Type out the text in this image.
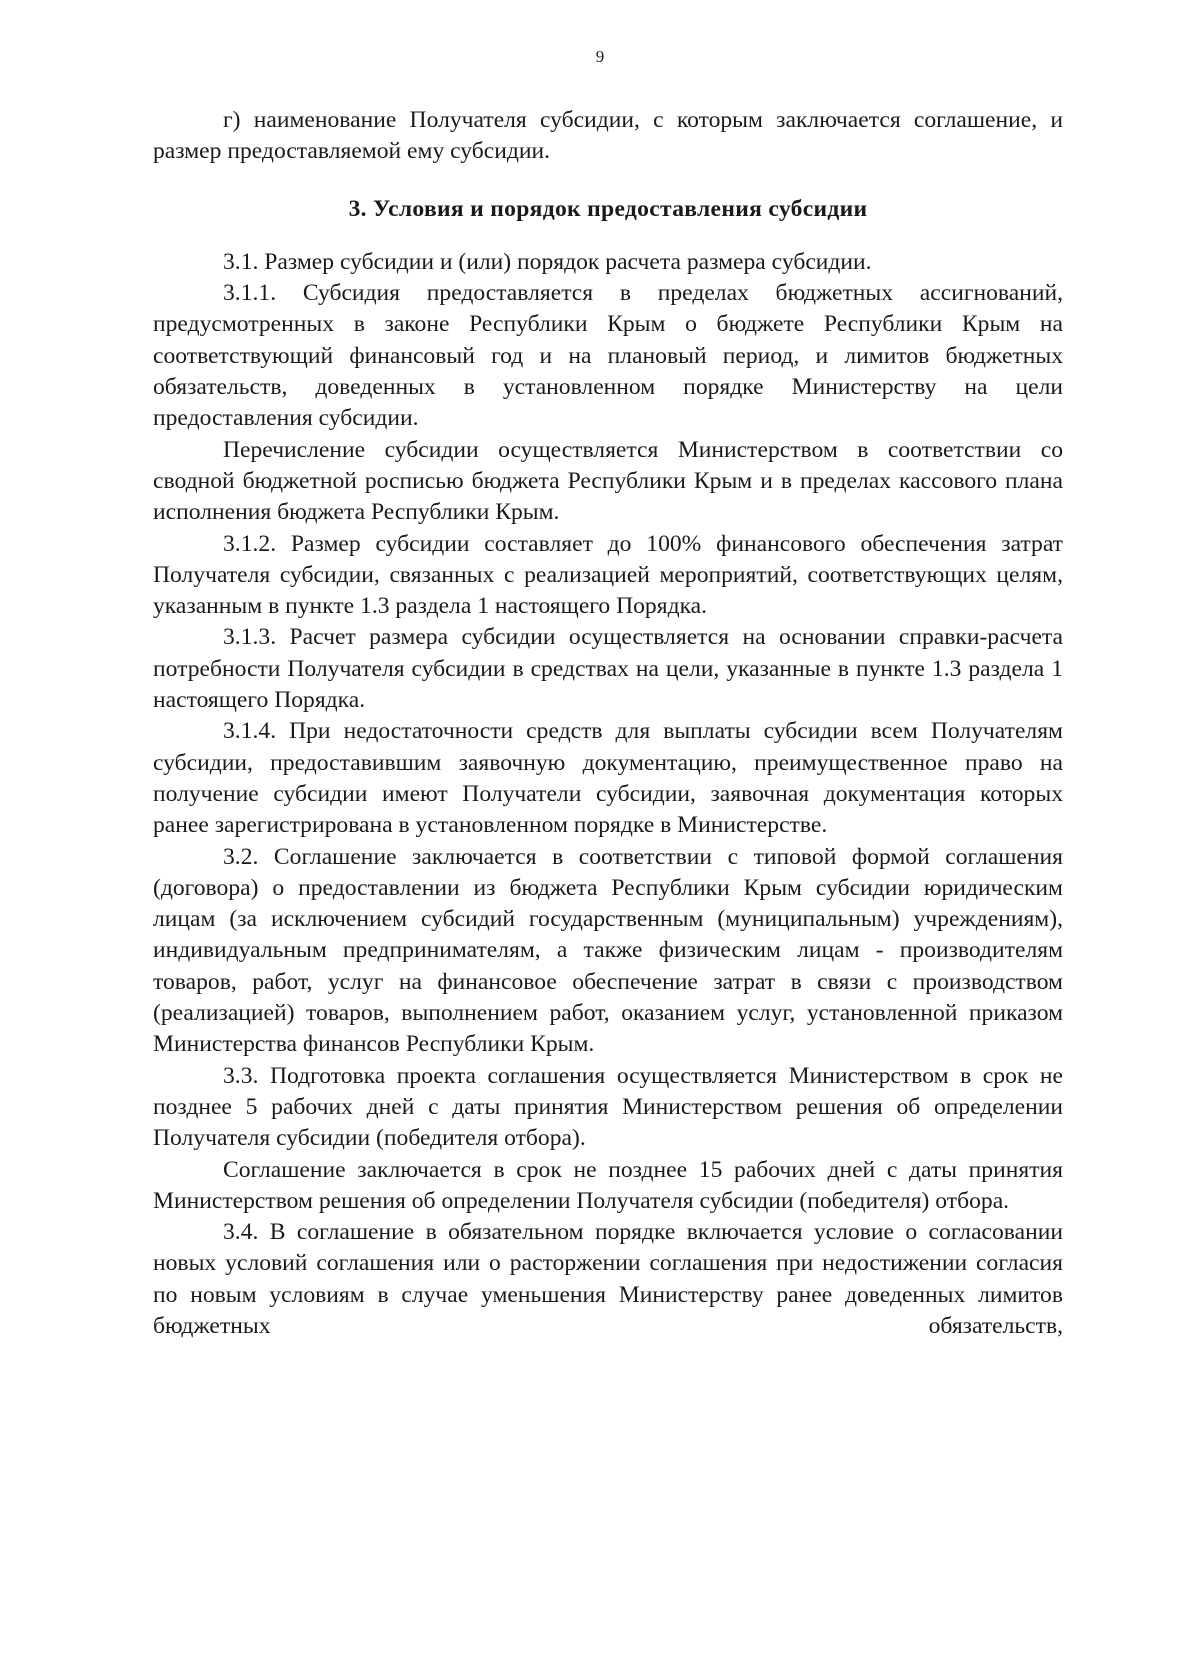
9

г) наименование Получателя субсидии, с которым заключается соглашение, и размер предоставляемой ему субсидии.

3. Условия и порядок предоставления субсидии

3.1. Размер субсидии и (или) порядок расчета размера субсидии.

3.1.1. Субсидия предоставляется в пределах бюджетных ассигнований, предусмотренных в законе Республики Крым о бюджете Республики Крым на соответствующий финансовый год и на плановый период, и лимитов бюджетных обязательств, доведенных в установленном порядке Министерству на цели предоставления субсидии.

Перечисление субсидии осуществляется Министерством в соответствии со сводной бюджетной росписью бюджета Республики Крым и в пределах кассового плана исполнения бюджета Республики Крым.

3.1.2. Размер субсидии составляет до 100% финансового обеспечения затрат Получателя субсидии, связанных с реализацией мероприятий, соответствующих целям, указанным в пункте 1.3 раздела 1 настоящего Порядка.

3.1.3. Расчет размера субсидии осуществляется на основании справки-расчета потребности Получателя субсидии в средствах на цели, указанные в пункте 1.3 раздела 1 настоящего Порядка.

3.1.4. При недостаточности средств для выплаты субсидии всем Получателям субсидии, предоставившим заявочную документацию, преимущественное право на получение субсидии имеют Получатели субсидии, заявочная документация которых ранее зарегистрирована в установленном порядке в Министерстве.

3.2. Соглашение заключается в соответствии с типовой формой соглашения (договора) о предоставлении из бюджета Республики Крым субсидии юридическим лицам (за исключением субсидий государственным (муниципальным) учреждениям), индивидуальным предпринимателям, а также физическим лицам - производителям товаров, работ, услуг на финансовое обеспечение затрат в связи с производством (реализацией) товаров, выполнением работ, оказанием услуг, установленной приказом Министерства финансов Республики Крым.

3.3. Подготовка проекта соглашения осуществляется Министерством в срок не позднее 5 рабочих дней с даты принятия Министерством решения об определении Получателя субсидии (победителя отбора).

Соглашение заключается в срок не позднее 15 рабочих дней с даты принятия Министерством решения об определении Получателя субсидии (победителя) отбора.

3.4. В соглашение в обязательном порядке включается условие о согласовании новых условий соглашения или о расторжении соглашения при недостижении согласия по новым условиям в случае уменьшения Министерству ранее доведенных лимитов бюджетных обязательств,
